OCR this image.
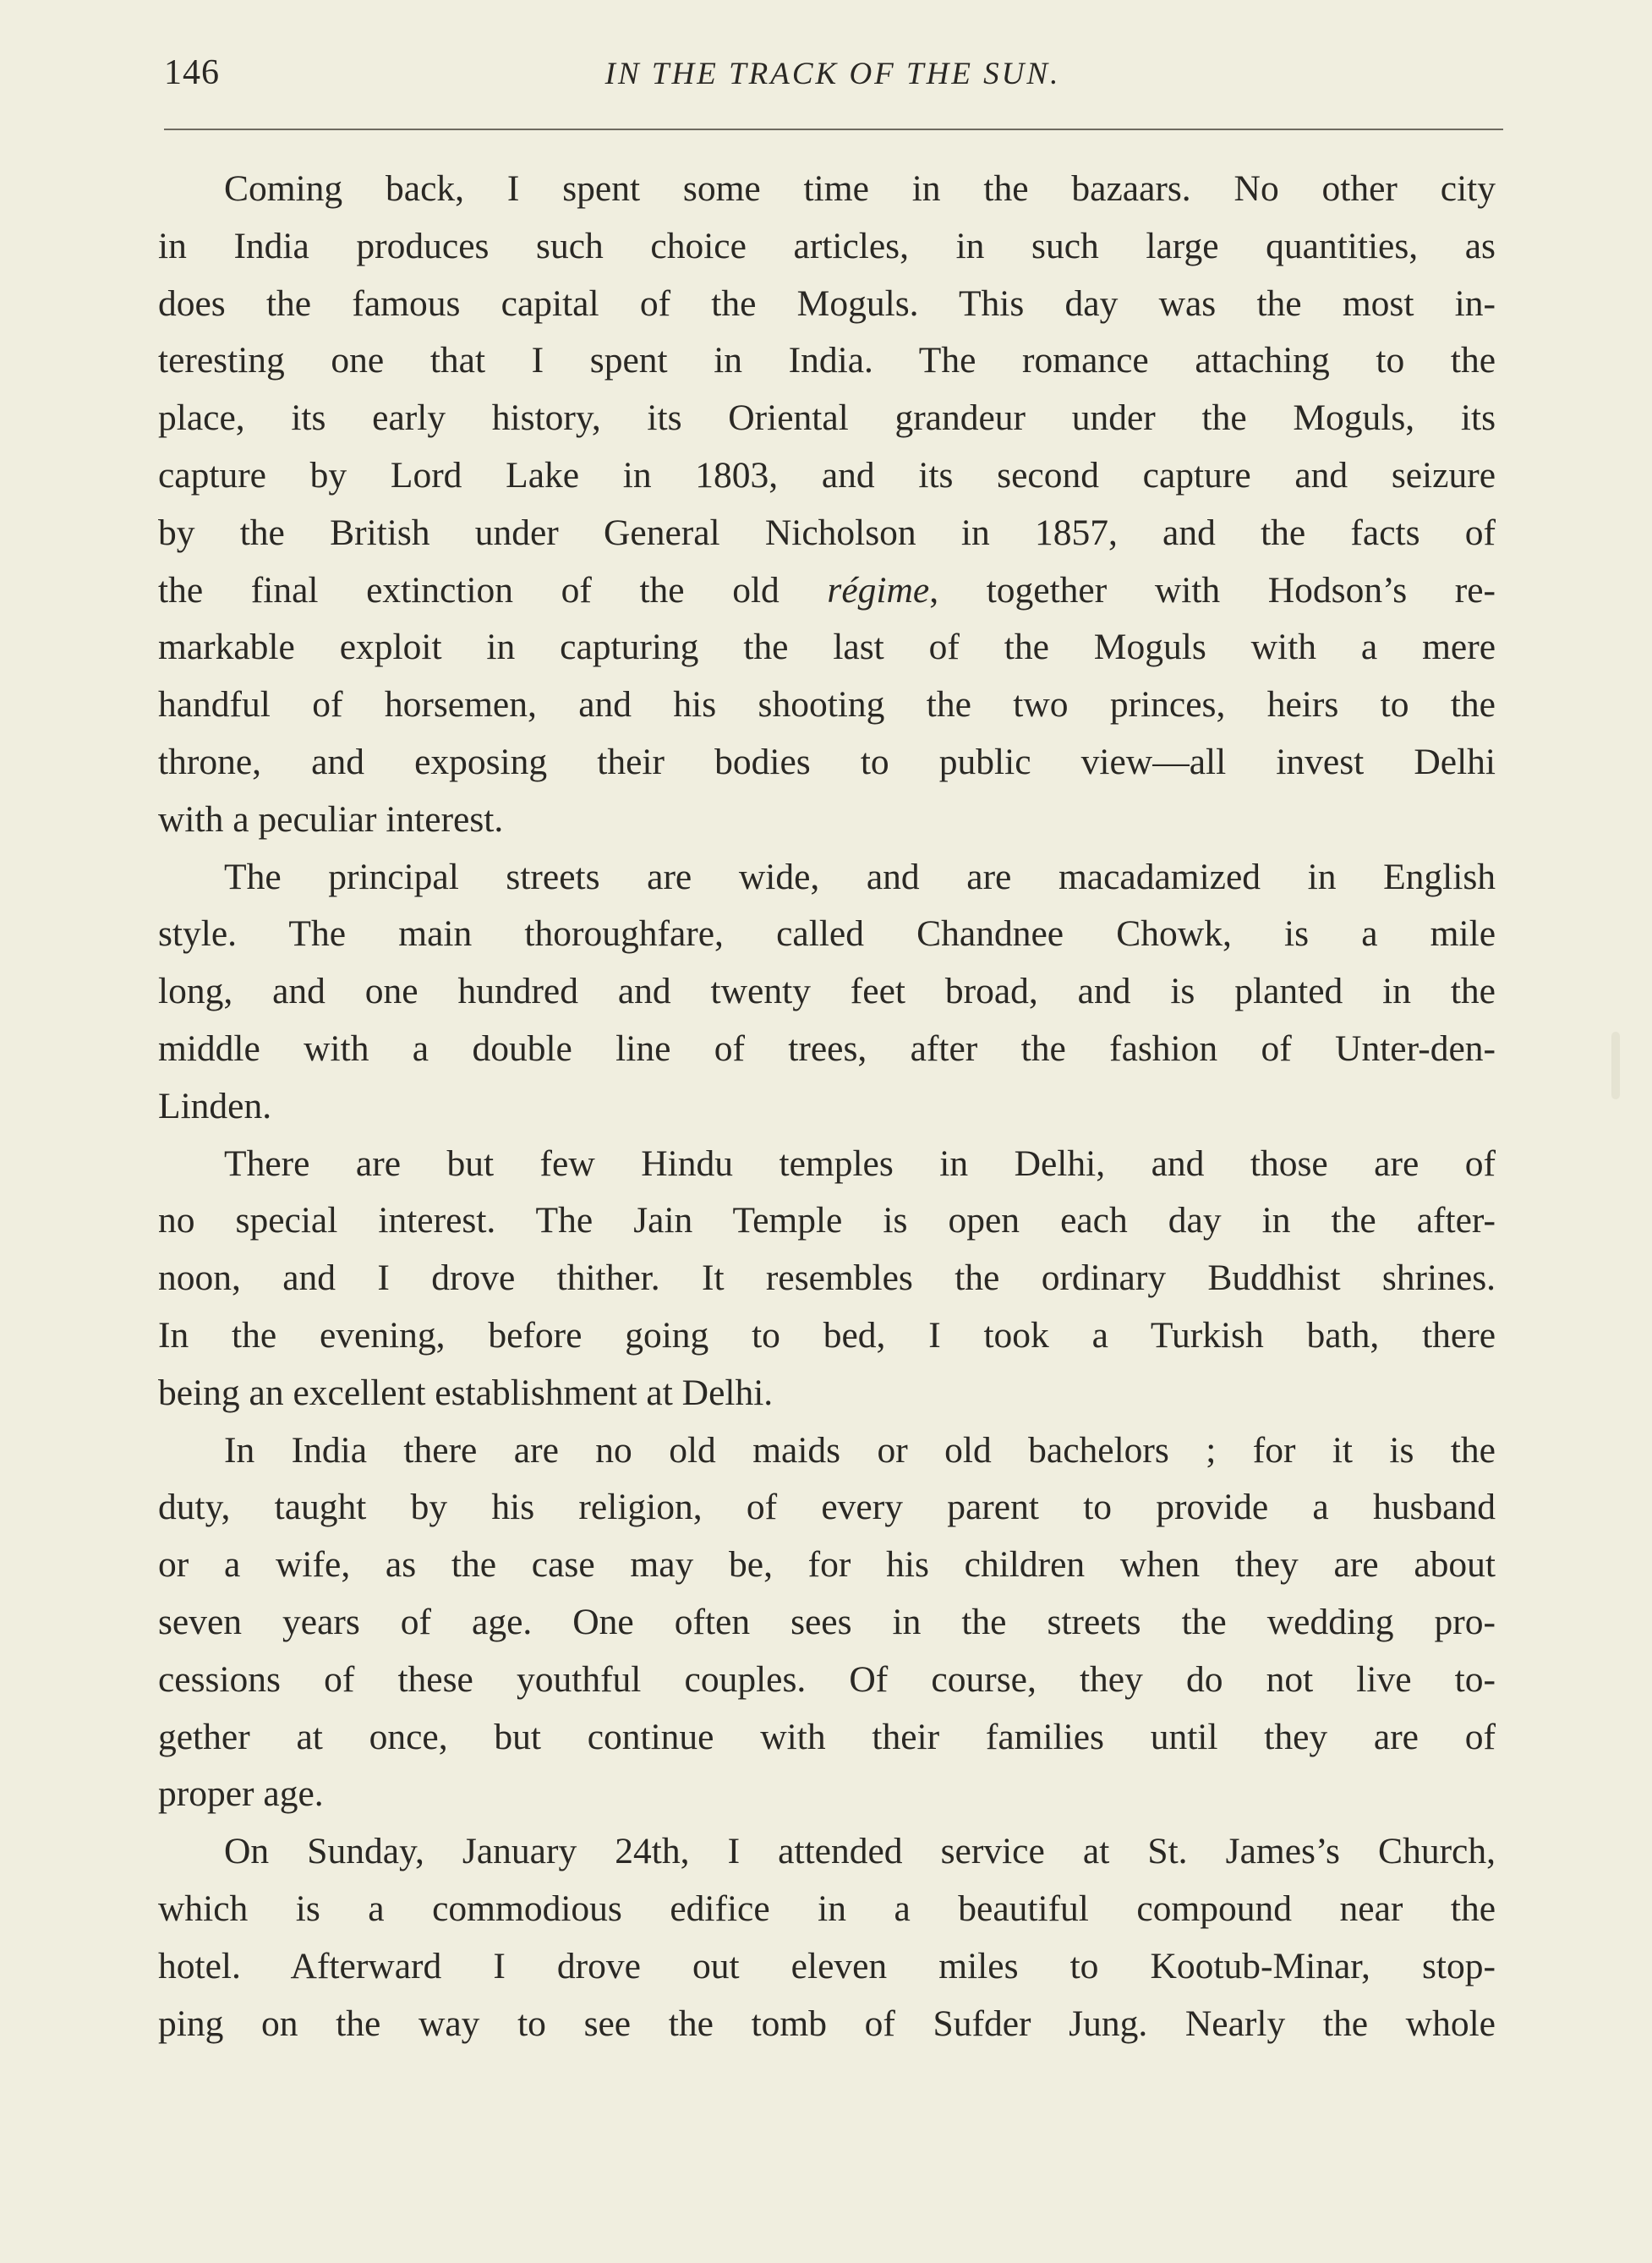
146	IN THE TRACK OF THE SUN.
Coming back, I spent some time in the bazaars. No other city
in India produces such choice articles, in such large quantities, as
does the famous capital of the Moguls. This day was the most in-
teresting one that I spent in India. The romance attaching to the
place, its early history, its Oriental grandeur under the Moguls, its
capture by Lord Lake in 1803, and its second capture and seizure
by the British under General Nicholson in 1857, and the facts of
the final extinction of the old régime, together with Hodson’s re-
markable exploit in capturing the last of the Moguls with a mere
handful of horsemen, and his shooting the two princes, heirs to the
throne, and exposing their bodies to public view—all invest Delhi
with a peculiar interest.
The principal streets are wide, and are macadamized in English
style. The main thoroughfare, called Chandnee Chowk, is a mile
long, and one hundred and twenty feet broad, and is planted in the
middle with a double line of trees, after the fashion of Unter-den-
Linden.
There are but few Hindu temples in Delhi, and those are of
no special interest. The Jain Temple is open each day in the after-
noon, and I drove thither. It resembles the ordinary Buddhist shrines.
In the evening, before going to bed, I took a Turkish bath, there
being an excellent establishment at Delhi.
In India there are no old maids or old bachelors ; for it is the
duty, taught by his religion, of every parent to provide a husband
or a wife, as the case may be, for his children when they are about
seven years of age. One often sees in the streets the wedding pro-
cessions of these youthful couples. Of course, they do not live to-
gether at once, but continue with their families until they are of
proper age.
On Sunday, January 24th, I attended service at St. James’s Church,
which is a commodious edifice in a beautiful compound near the
hotel. Afterward I drove out eleven miles to Kootub-Minar, stop-
ping on the way to see the tomb of Sufder Jung. Nearly the whole
